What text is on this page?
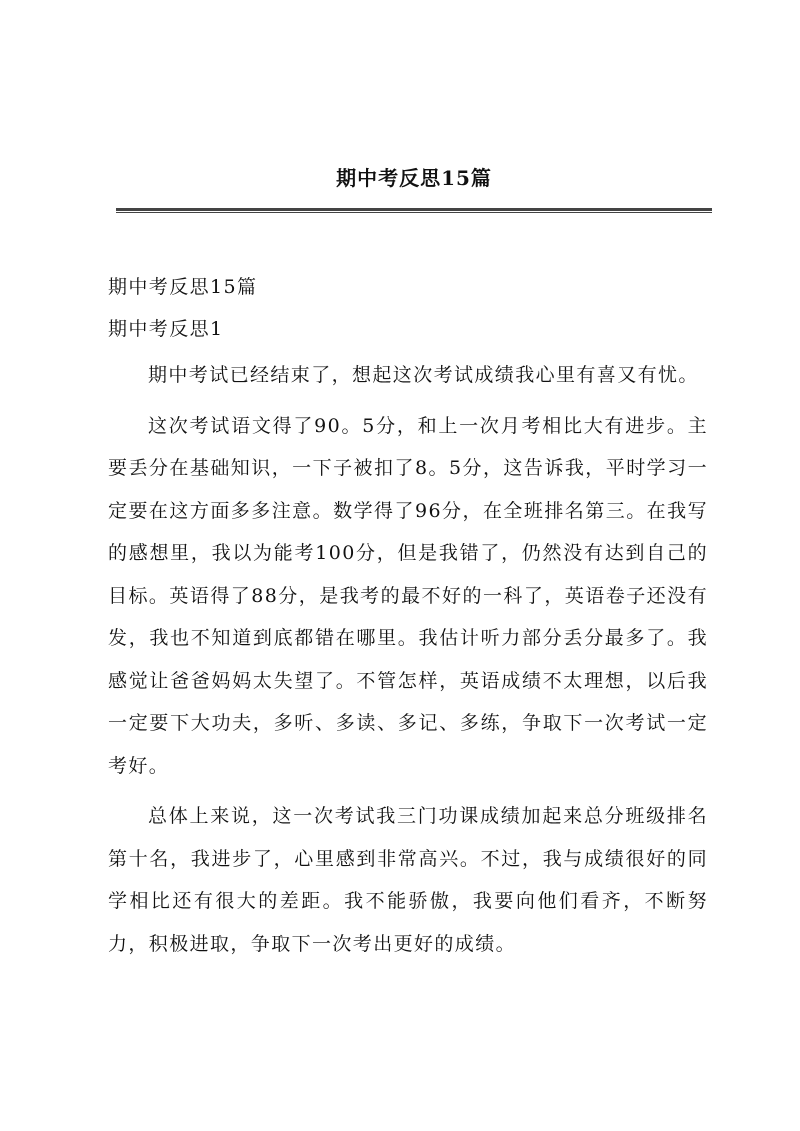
期中考反思15篇

期中考反思15篇

期中考反思1

期中考试已经结束了，想起这次考试成绩我心里有喜又有忧。

这次考试语文得了90。5分，和上一次月考相比大有进步。主要丢分在基础知识，一下子被扣了8。5分，这告诉我，平时学习一定要在这方面多多注意。数学得了96分，在全班排名第三。在我写的感想里，我以为能考100分，但是我错了，仍然没有达到自己的目标。英语得了88分，是我考的最不好的一科了，英语卷子还没有发，我也不知道到底都错在哪里。我估计听力部分丢分最多了。我感觉让爸爸妈妈太失望了。不管怎样，英语成绩不太理想，以后我一定要下大功夫，多听、多读、多记、多练，争取下一次考试一定考好。

总体上来说，这一次考试我三门功课成绩加起来总分班级排名第十名，我进步了，心里感到非常高兴。不过，我与成绩很好的同学相比还有很大的差距。我不能骄傲，我要向他们看齐，不断努力，积极进取，争取下一次考出更好的成绩。
